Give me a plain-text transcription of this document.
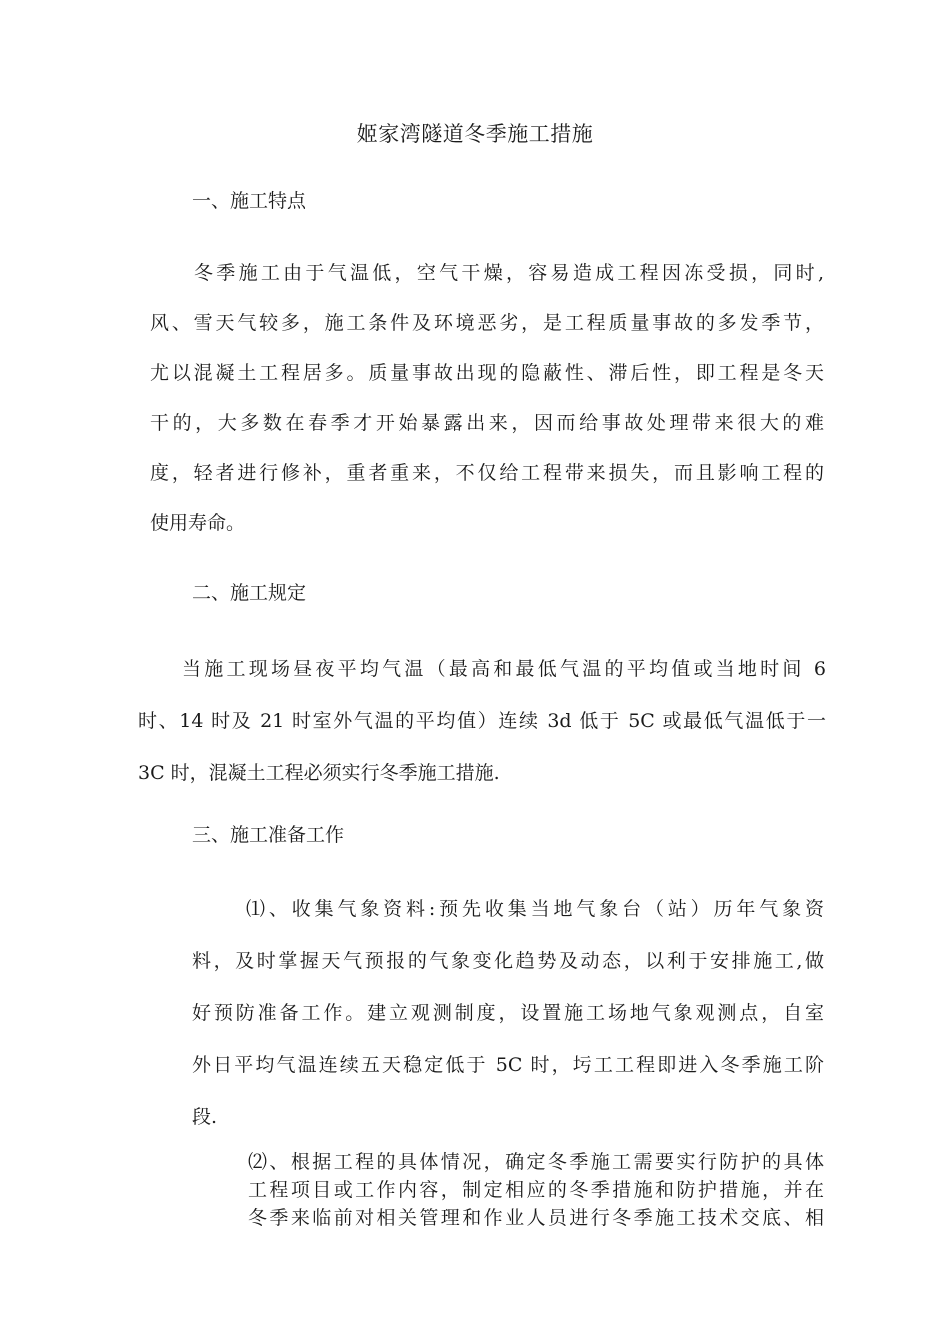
姬家湾隧道冬季施工措施
一、施工特点
冬季施工由于气温低，空气干燥，容易造成工程因冻受损，同时,
风、雪天气较多，施工条件及环境恶劣，是工程质量事故的多发季节，
尤以混凝土工程居多。质量事故出现的隐蔽性、滞后性，即工程是冬天
干的，大多数在春季才开始暴露出来，因而给事故处理带来很大的难
度，轻者进行修补，重者重来，不仅给工程带来损失，而且影响工程的
使用寿命。
二、施工规定
当施工现场昼夜平均气温（最高和最低气温的平均值或当地时间 6
时、14 时及 21 时室外气温的平均值）连续 3d 低于 5C 或最低气温低于一
3C 时，混凝土工程必须实行冬季施工措施.
三、施工准备工作
⑴、收集气象资料:预先收集当地气象台（站）历年气象资
料，及时掌握天气预报的气象变化趋势及动态，以利于安排施工,做
好预防准备工作。建立观测制度，设置施工场地气象观测点，自室
外日平均气温连续五天稳定低于 5C 时，圬工工程即进入冬季施工阶
段.
⑵、根据工程的具体情况，确定冬季施工需要实行防护的具体
工程项目或工作内容，制定相应的冬季措施和防护措施，并在
冬季来临前对相关管理和作业人员进行冬季施工技术交底、相
